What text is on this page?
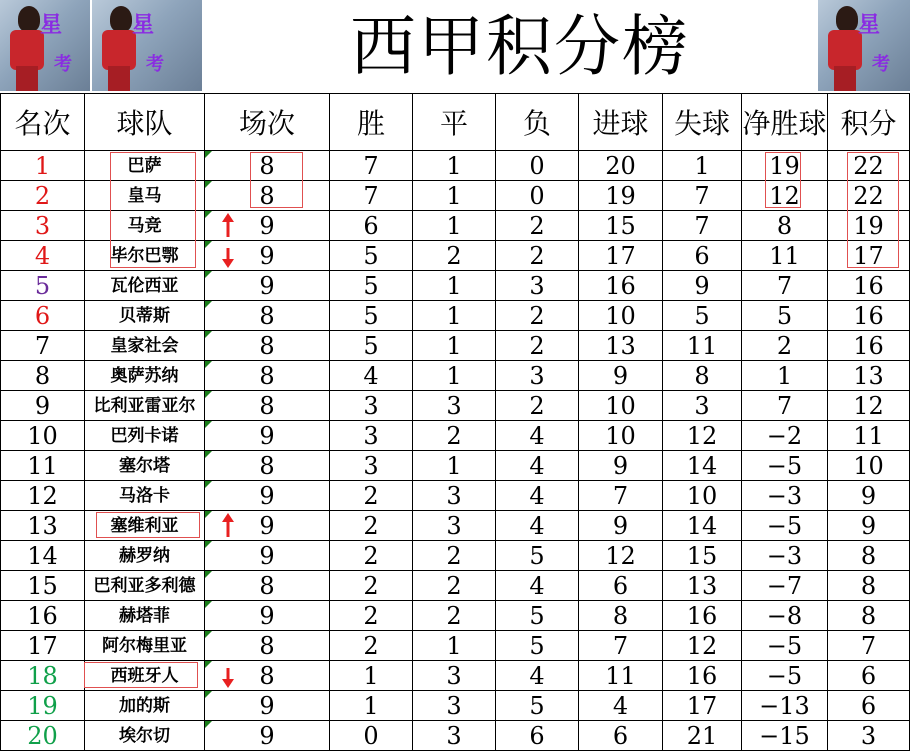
星
考
星
考	西甲积分榜	星
考
名次	球队	场次	胜	平	负	进球	失球	净胜球	积分
1	巴萨	8	7	1	0	20	1	19	22
2	皇马	8	7	1	0	19	7	12	22
3	马竞	9	6	1	2	15	7	8	19
4	毕尔巴鄂	9	5	2	2	17	6	11	17
5	瓦伦西亚	9	5	1	3	16	9	7	16
6	贝蒂斯	8	5	1	2	10	5	5	16
7	皇家社会	8	5	1	2	13	11	2	16
8	奥萨苏纳	8	4	1	3	9	8	1	13
9	比利亚雷亚尔	8	3	3	2	10	3	7	12
10	巴列卡诺	9	3	2	4	10	12	−2	11
11	塞尔塔	8	3	1	4	9	14	−5	10
12	马洛卡	9	2	3	4	7	10	−3	9
13	塞维利亚	9	2	3	4	9	14	−5	9
14	赫罗纳	9	2	2	5	12	15	−3	8
15	巴利亚多利德	8	2	2	4	6	13	−7	8
16	赫塔菲	9	2	2	5	8	16	−8	8
17	阿尔梅里亚	8	2	1	5	7	12	−5	7
18	西班牙人	8	1	3	4	11	16	−5	6
19	加的斯	9	1	3	5	4	17	−13	6
20	埃尔切	9	0	3	6	6	21	−15	3
